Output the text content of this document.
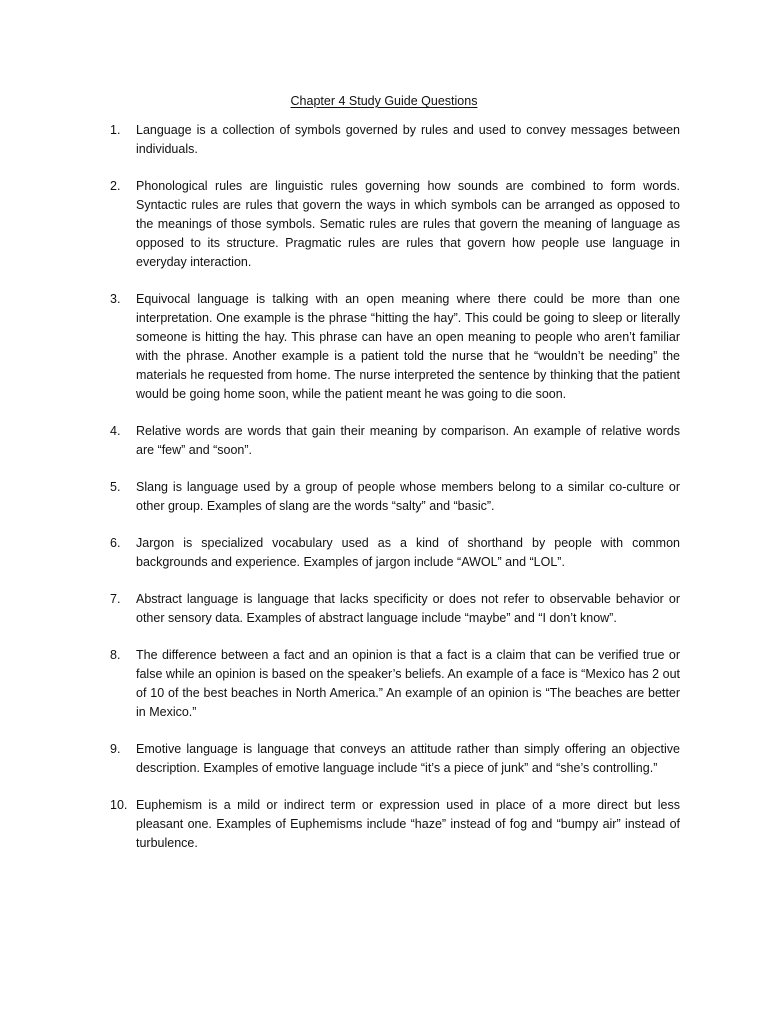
Chapter 4 Study Guide Questions
1.	Language is a collection of symbols governed by rules and used to convey messages between individuals.
2.	Phonological rules are linguistic rules governing how sounds are combined to form words. Syntactic rules are rules that govern the ways in which symbols can be arranged as opposed to the meanings of those symbols. Sematic rules are rules that govern the meaning of language as opposed to its structure. Pragmatic rules are rules that govern how people use language in everyday interaction.
3.	Equivocal language is talking with an open meaning where there could be more than one interpretation. One example is the phrase “hitting the hay”. This could be going to sleep or literally someone is hitting the hay. This phrase can have an open meaning to people who aren’t familiar with the phrase. Another example is a patient told the nurse that he “wouldn’t be needing” the materials he requested from home. The nurse interpreted the sentence by thinking that the patient would be going home soon, while the patient meant he was going to die soon.
4.	Relative words are words that gain their meaning by comparison. An example of relative words are “few” and “soon”.
5.	Slang is language used by a group of people whose members belong to a similar co-culture or other group. Examples of slang are the words “salty” and “basic”.
6.	Jargon is specialized vocabulary used as a kind of shorthand by people with common backgrounds and experience. Examples of jargon include “AWOL” and “LOL”.
7.	Abstract language is language that lacks specificity or does not refer to observable behavior or other sensory data. Examples of abstract language include “maybe” and “I don’t know”.
8.	The difference between a fact and an opinion is that a fact is a claim that can be verified true or false while an opinion is based on the speaker’s beliefs. An example of a face is “Mexico has 2 out of 10 of the best beaches in North America.” An example of an opinion is “The beaches are better in Mexico.”
9.	Emotive language is language that conveys an attitude rather than simply offering an objective description. Examples of emotive language include “it’s a piece of junk” and “she’s controlling.”
10. Euphemism is a mild or indirect term or expression used in place of a more direct but less pleasant one. Examples of Euphemisms include “haze” instead of fog and “bumpy air” instead of turbulence.
